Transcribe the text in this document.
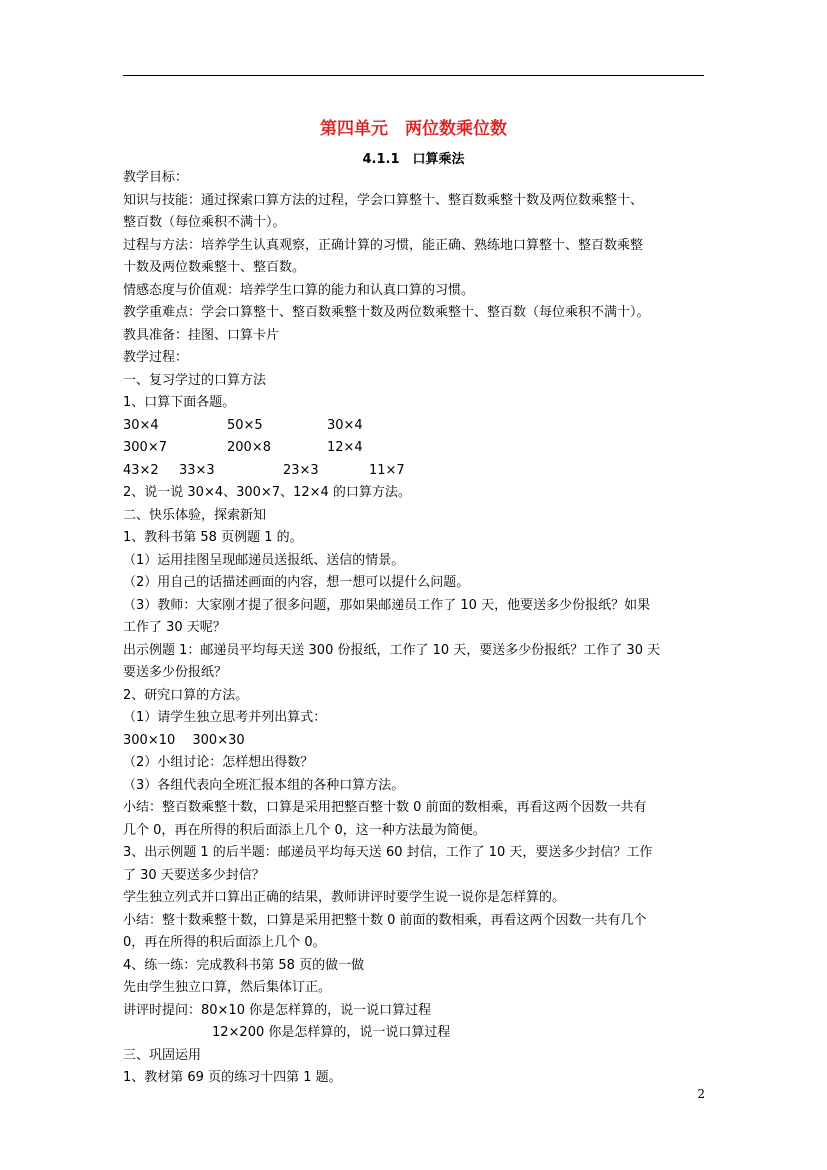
第四单元　两位数乘位数
4.1.1　口算乘法
教学目标：
知识与技能：通过探索口算方法的过程，学会口算整十、整百数乘整十数及两位数乘整十、
整百数（每位乘积不满十）。
过程与方法：培养学生认真观察，正确计算的习惯，能正确、熟练地口算整十、整百数乘整
十数及两位数乘整十、整百数。
情感态度与价值观：培养学生口算的能力和认真口算的习惯。
教学重难点：学会口算整十、整百数乘整十数及两位数乘整十、整百数（每位乘积不满十）。
教具准备：挂图、口算卡片
教学过程：
一、复习学过的口算方法
1、口算下面各题。
30×4	50×5	30×4
300×7	200×8	12×4
43×2 33×3	23×3	11×7
2、说一说 30×4、300×7、12×4 的口算方法。
二、快乐体验，探索新知
1、教科书第 58 页例题 1 的。
（1）运用挂图呈现邮递员送报纸、送信的情景。
（2）用自己的话描述画面的内容，想一想可以提什么问题。
（3）教师：大家刚才提了很多问题，那如果邮递员工作了 10 天，他要送多少份报纸？如果
工作了 30 天呢？
出示例题 1：邮递员平均每天送 300 份报纸，工作了 10 天，要送多少份报纸？工作了 30 天
要送多少份报纸？
2、研究口算的方法。
（1）请学生独立思考并列出算式：
300×10　 300×30
（2）小组讨论：怎样想出得数？
（3）各组代表向全班汇报本组的各种口算方法。
小结：整百数乘整十数，口算是采用把整百整十数 0 前面的数相乘，再看这两个因数一共有
几个 0，再在所得的积后面添上几个 0，这一种方法最为简便。
3、出示例题 1 的后半题：邮递员平均每天送 60 封信，工作了 10 天，要送多少封信？工作
了 30 天要送多少封信？
学生独立列式并口算出正确的结果，教师讲评时要学生说一说你是怎样算的。
小结：整十数乘整十数，口算是采用把整十数 0 前面的数相乘，再看这两个因数一共有几个
0，再在所得的积后面添上几个 0。
4、练一练：完成教科书第 58 页的做一做
先由学生独立口算，然后集体订正。
讲评时提问：80×10 你是怎样算的，说一说口算过程
12×200 你是怎样算的，说一说口算过程
三、巩固运用
1、教材第 69 页的练习十四第 1 题。
2
